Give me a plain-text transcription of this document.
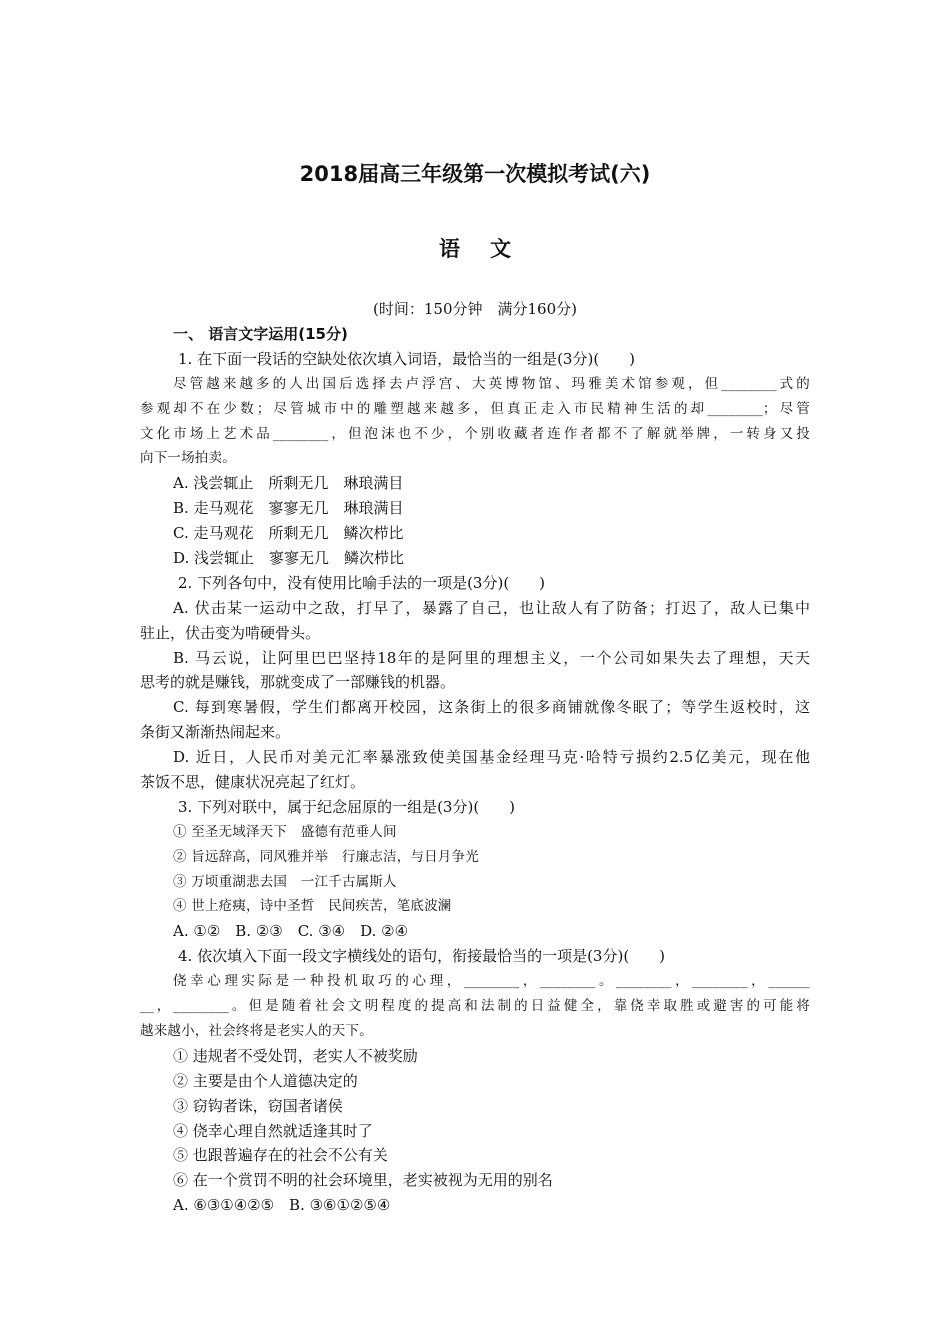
2018届高三年级第一次模拟考试(六)
语文
(时间：150分钟　满分160分)
一、 语言文字运用(15分)
1. 在下面一段话的空缺处依次填入词语，最恰当的一组是(3分)(　　)
尽管越来越多的人出国后选择去卢浮宫、大英博物馆、玛雅美术馆参观，但________式的
参观却不在少数；尽管城市中的雕塑越来越多，但真正走入市民精神生活的却________；尽管
文化市场上艺术品________，但泡沫也不少，个别收藏者连作者都不了解就举牌，一转身又投
向下一场拍卖。
A. 浅尝辄止　所剩无几　琳琅满目
B. 走马观花　寥寥无几　琳琅满目
C. 走马观花　所剩无几　鳞次栉比
D. 浅尝辄止　寥寥无几　鳞次栉比
2. 下列各句中，没有使用比喻手法的一项是(3分)(　　)
A. 伏击某一运动中之敌，打早了，暴露了自己，也让敌人有了防备；打迟了，敌人已集中
驻止，伏击变为啃硬骨头。
B. 马云说，让阿里巴巴坚持18年的是阿里的理想主义，一个公司如果失去了理想，天天
思考的就是赚钱，那就变成了一部赚钱的机器。
C. 每到寒暑假，学生们都离开校园，这条街上的很多商铺就像冬眠了；等学生返校时，这
条街又渐渐热闹起来。
D. 近日，人民币对美元汇率暴涨致使美国基金经理马克·哈特亏损约2.5亿美元，现在他
茶饭不思，健康状况亮起了红灯。
3. 下列对联中，属于纪念屈原的一组是(3分)(　　)
① 至圣无域泽天下　盛德有范垂人间
② 旨远辞高，同风雅并举　行廉志洁，与日月争光
③ 万顷重湖悲去国　一江千古属斯人
④ 世上疮痍，诗中圣哲　民间疾苦，笔底波澜
A. ①②　B. ②③　C. ③④　D. ②④
4. 依次填入下面一段文字横线处的语句，衔接最恰当的一项是(3分)(　　)
侥幸心理实际是一种投机取巧的心理，________，________。________，________，______
__，________。但是随着社会文明程度的提高和法制的日益健全，靠侥幸取胜或避害的可能将
越来越小，社会终将是老实人的天下。
① 违规者不受处罚，老实人不被奖励
② 主要是由个人道德决定的
③ 窃钩者诛，窃国者诸侯
④ 侥幸心理自然就适逢其时了
⑤ 也跟普遍存在的社会不公有关
⑥ 在一个赏罚不明的社会环境里，老实被视为无用的别名
A. ⑥③①④②⑤　B. ③⑥①②⑤④
